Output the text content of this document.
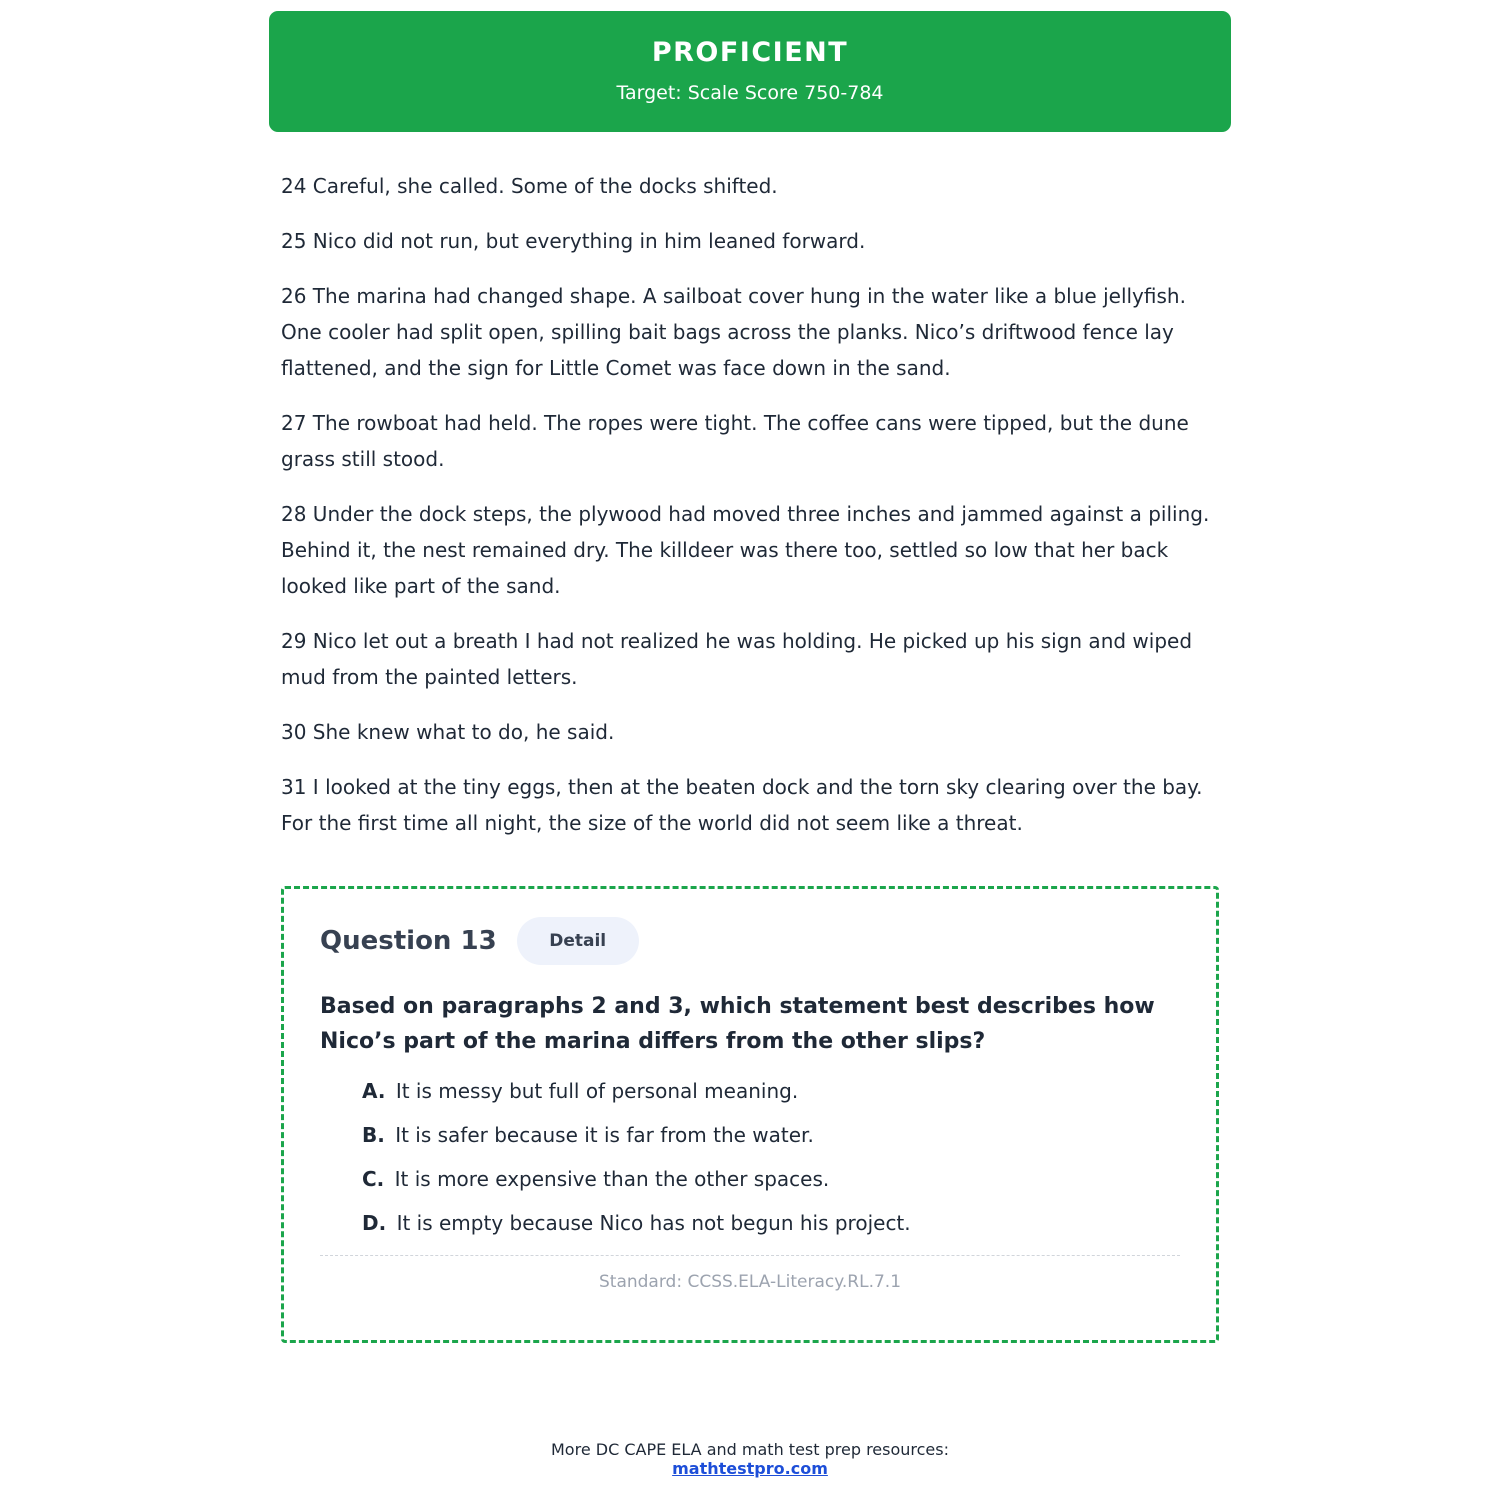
PROFICIENT
Target: Scale Score 750-784

24 Careful, she called. Some of the docks shifted.

25 Nico did not run, but everything in him leaned forward.

26 The marina had changed shape. A sailboat cover hung in the water like a blue jellyfish. One cooler had split open, spilling bait bags across the planks. Nico’s driftwood fence lay flattened, and the sign for Little Comet was face down in the sand.

27 The rowboat had held. The ropes were tight. The coffee cans were tipped, but the dune grass still stood.

28 Under the dock steps, the plywood had moved three inches and jammed against a piling. Behind it, the nest remained dry. The killdeer was there too, settled so low that her back looked like part of the sand.

29 Nico let out a breath I had not realized he was holding. He picked up his sign and wiped mud from the painted letters.

30 She knew what to do, he said.

31 I looked at the tiny eggs, then at the beaten dock and the torn sky clearing over the bay. For the first time all night, the size of the world did not seem like a threat.

Question 13	Detail
Based on paragraphs 2 and 3, which statement best describes how Nico’s part of the marina differs from the other slips?
A. It is messy but full of personal meaning.
B. It is safer because it is far from the water.
C. It is more expensive than the other spaces.
D. It is empty because Nico has not begun his project.
Standard: CCSS.ELA-Literacy.RL.7.1
More DC CAPE ELA and math test prep resources:
mathtestpro.com
